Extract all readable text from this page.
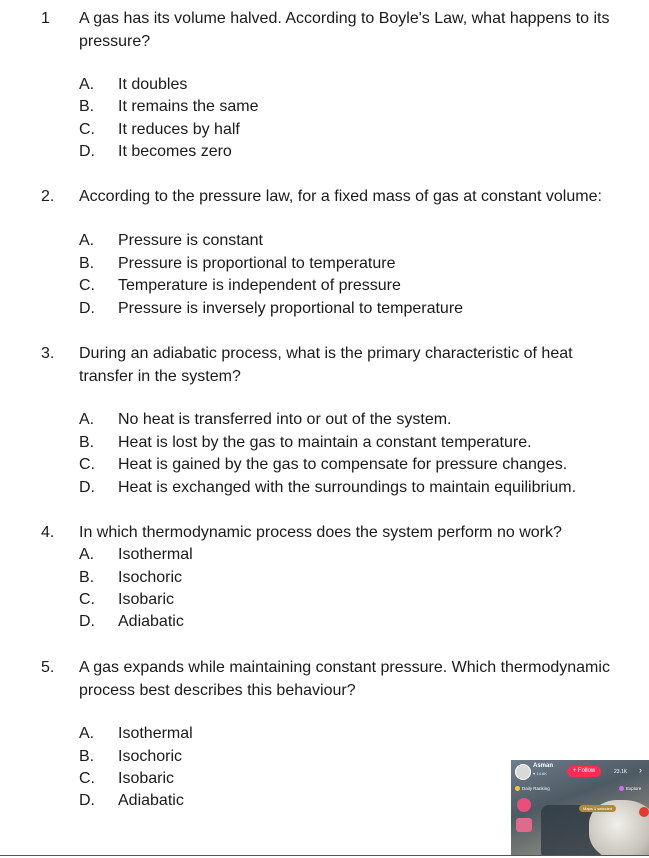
1 A gas has its volume halved. According to Boyle's Law, what happens to its pressure?
A. It doubles
B. It remains the same
C. It reduces by half
D. It becomes zero
2. According to the pressure law, for a fixed mass of gas at constant volume:
A. Pressure is constant
B. Pressure is proportional to temperature
C. Temperature is independent of pressure
D. Pressure is inversely proportional to temperature
3. During an adiabatic process, what is the primary characteristic of heat transfer in the system?
A. No heat is transferred into or out of the system.
B. Heat is lost by the gas to maintain a constant temperature.
C. Heat is gained by the gas to compensate for pressure changes.
D. Heat is exchanged with the surroundings to maintain equilibrium.
4. In which thermodynamic process does the system perform no work?
A. Isothermal
B. Isochoric
C. Isobaric
D. Adiabatic
5. A gas expands while maintaining constant pressure. Which thermodynamic process best describes this behaviour?
A. Isothermal
B. Isochoric
C. Isobaric
D. Adiabatic
Asman
♥ 14.6K	+ Follow	23.1K ›
Daily Ranking	Explore
Maps 1 selected
